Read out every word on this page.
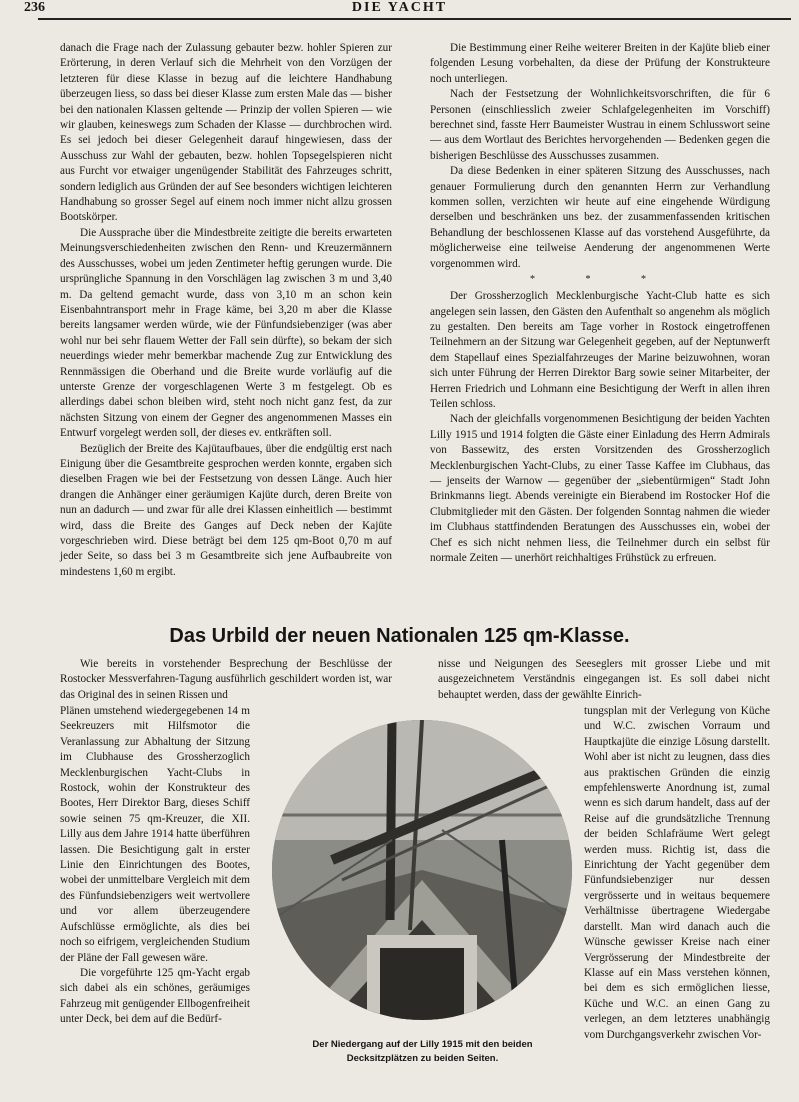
236	DIE YACHT

danach die Frage nach der Zulassung gebauter bezw. hohler Spieren zur Erörterung, in deren Verlauf sich die Mehrheit von den Vorzügen der letzteren für diese Klasse in bezug auf die leichtere Handhabung überzeugen liess, so dass bei dieser Klasse zum ersten Male das — bisher bei den nationalen Klassen geltende — Prinzip der vollen Spieren — wie wir glauben, keineswegs zum Schaden der Klasse — durchbrochen wird. Es sei jedoch bei dieser Gelegenheit darauf hingewiesen, dass der Ausschuss zur Wahl der gebauten, bezw. hohlen Topsegelspieren nicht aus Furcht vor etwaiger ungenügender Stabilität des Fahrzeuges schritt, sondern lediglich aus Gründen der auf See besonders wichtigen leichteren Handhabung so grosser Segel auf einem noch immer nicht allzu grossen Bootskörper.

Die Aussprache über die Mindestbreite zeitigte die bereits erwarteten Meinungsverschiedenheiten zwischen den Renn- und Kreuzermännern des Ausschusses, wobei um jeden Zentimeter heftig gerungen wurde. Die ursprüngliche Spannung in den Vorschlägen lag zwischen 3 m und 3,40 m. Da geltend gemacht wurde, dass von 3,10 m an schon kein Eisenbahntransport mehr in Frage käme, bei 3,20 m aber die Klasse bereits langsamer werden würde, wie der Fünfundsiebenziger (was aber wohl nur bei sehr flauem Wetter der Fall sein dürfte), so bekam der sich neuerdings wieder mehr bemerkbar machende Zug zur Entwicklung des Rennmässigen die Oberhand und die Breite wurde vorläufig auf die unterste Grenze der vorgeschlagenen Werte 3 m festgelegt. Ob es allerdings dabei schon bleiben wird, steht noch nicht ganz fest, da zur nächsten Sitzung von einem der Gegner des angenommenen Masses ein Entwurf vorgelegt werden soll, der dieses ev. entkräften soll.

Bezüglich der Breite des Kajütaufbaues, über die endgültig erst nach Einigung über die Gesamtbreite gesprochen werden konnte, ergaben sich dieselben Fragen wie bei der Festsetzung von dessen Länge. Auch hier drangen die Anhänger einer geräumigen Kajüte durch, deren Breite von nun an dadurch — und zwar für alle drei Klassen einheitlich — bestimmt wird, dass die Breite des Ganges auf Deck neben der Kajüte vorgeschrieben wird. Diese beträgt bei dem 125 qm-Boot 0,70 m auf jeder Seite, so dass bei 3 m Gesamtbreite sich jene Aufbaubreite von mindestens 1,60 m ergibt.

Die Bestimmung einer Reihe weiterer Breiten in der Kajüte blieb einer folgenden Lesung vorbehalten, da diese der Prüfung der Konstrukteure noch unterliegen.

Nach der Festsetzung der Wohnlichkeitsvorschriften, die für 6 Personen (einschliesslich zweier Schlafgelegenheiten im Vorschiff) berechnet sind, fasste Herr Baumeister Wustrau in einem Schlusswort seine — aus dem Wortlaut des Berichtes hervorgehenden — Bedenken gegen die bisherigen Beschlüsse des Ausschusses zusammen.

Da diese Bedenken in einer späteren Sitzung des Ausschusses, nach genauer Formulierung durch den genannten Herrn zur Verhandlung kommen sollen, verzichten wir heute auf eine eingehende Würdigung derselben und beschränken uns bez. der zusammenfassenden kritischen Behandlung der beschlossenen Klasse auf das vorstehend Ausgeführte, da möglicherweise eine teilweise Aenderung der angenommenen Werte vorgenommen wird.

* * *

Der Grossherzoglich Mecklenburgische Yacht-Club hatte es sich angelegen sein lassen, den Gästen den Aufenthalt so angenehm als möglich zu gestalten. Den bereits am Tage vorher in Rostock eingetroffenen Teilnehmern an der Sitzung war Gelegenheit gegeben, auf der Neptunwerft dem Stapellauf eines Spezialfahrzeuges der Marine beizuwohnen, woran sich unter Führung der Herren Direktor Barg sowie seiner Mitarbeiter, der Herren Friedrich und Lohmann eine Besichtigung der Werft in allen ihren Teilen schloss.

Nach der gleichfalls vorgenommenen Besichtigung der beiden Yachten Lilly 1915 und 1914 folgten die Gäste einer Einladung des Herrn Admirals von Bassewitz, des ersten Vorsitzenden des Grossherzoglich Mecklenburgischen Yacht-Clubs, zu einer Tasse Kaffee im Clubhaus, das — jenseits der Warnow — gegenüber der „siebentürmigen“ Stadt John Brinkmanns liegt. Abends vereinigte ein Bierabend im Rostocker Hof die Clubmitglieder mit den Gästen. Der folgenden Sonntag nahmen die wieder im Clubhaus stattfindenden Beratungen des Ausschusses ein, wobei der Chef es sich nicht nehmen liess, die Teilnehmer durch ein selbst für normale Zeiten — unerhört reichhaltiges Frühstück zu erfreuen.

Das Urbild der neuen Nationalen 125 qm-Klasse.

Wie bereits in vorstehender Besprechung der Beschlüsse der Rostocker Messverfahren-Tagung ausführlich geschildert worden ist, war das Original des in seinen Rissen und

nisse und Neigungen des Seeseglers mit grosser Liebe und mit ausgezeichnetem Verständnis eingegangen ist. Es soll dabei nicht behauptet werden, dass der gewählte Einrich-

Plänen umstehend wiedergegebenen 14 m Seekreuzers mit Hilfsmotor die Veranlassung zur Abhaltung der Sitzung im Clubhause des Grossherzoglich Mecklenburgischen Yacht-Clubs in Rostock, wohin der Konstrukteur des Bootes, Herr Direktor Barg, dieses Schiff sowie seinen 75 qm-Kreuzer, die XII. Lilly aus dem Jahre 1914 hatte überführen lassen. Die Besichtigung galt in erster Linie den Einrichtungen des Bootes, wobei der unmittelbare Vergleich mit dem des Fünfundsiebenzigers weit wertvollere und vor allem überzeugendere Aufschlüsse ermöglichte, als dies bei noch so eifrigem, vergleichenden Studium der Pläne der Fall gewesen wäre.

Die vorgeführte 125 qm-Yacht ergab sich dabei als ein schönes, geräumiges Fahrzeug mit genügender Ellbogenfreiheit unter Deck, bei dem auf die Bedürf-

tungsplan mit der Verlegung von Küche und W.C. zwischen Vorraum und Hauptkajüte die einzige Lösung darstellt. Wohl aber ist nicht zu leugnen, dass dies aus praktischen Gründen die einzig empfehlenswerte Anordnung ist, zumal wenn es sich darum handelt, dass auf der Reise auf die grundsätzliche Trennung der beiden Schlafräume Wert gelegt werden muss. Richtig ist, dass die Einrichtung der Yacht gegenüber dem Fünfundsiebenziger nur dessen vergrösserte und in weitaus bequemere Verhältnisse übertragene Wiedergabe darstellt. Man wird danach auch die Wünsche gewisser Kreise nach einer Vergrösserung der Mindestbreite der Klasse auf ein Mass verstehen können, bei dem es sich ermöglichen liesse, Küche und W.C. an einen Gang zu verlegen, an dem letzteres unabhängig vom Durchgangsverkehr zwischen Vor-

Der Niedergang auf der Lilly 1915 mit den beiden
Decksitzplätzen zu beiden Seiten.
